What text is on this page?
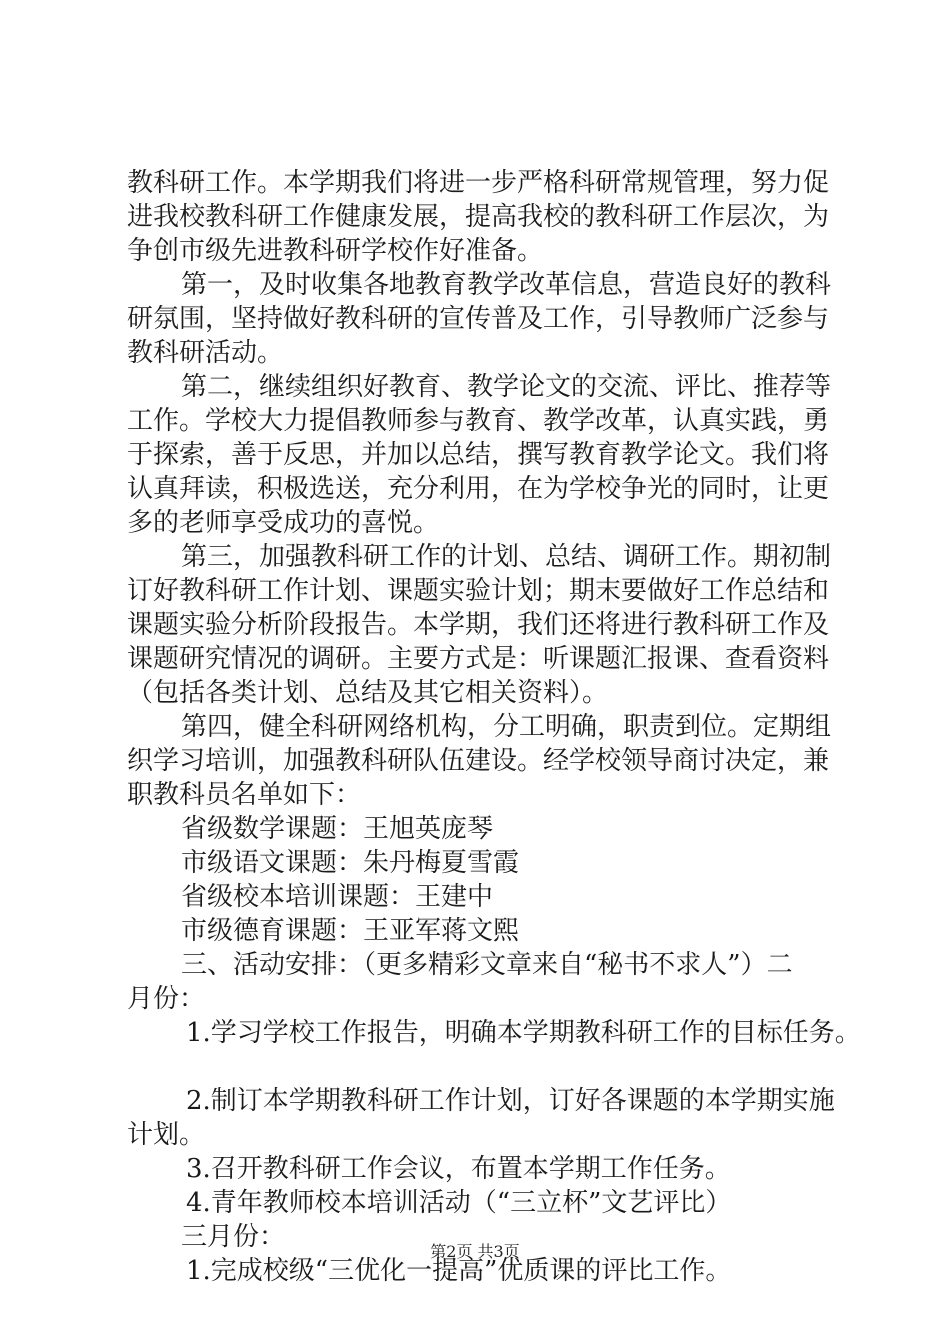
教科研工作。本学期我们将进一步严格科研常规管理，努力促
进我校教科研工作健康发展，提高我校的教科研工作层次，为
争创市级先进教科研学校作好准备。
第一，及时收集各地教育教学改革信息，营造良好的教科
研氛围，坚持做好教科研的宣传普及工作，引导教师广泛参与
教科研活动。
第二，继续组织好教育、教学论文的交流、评比、推荐等
工作。学校大力提倡教师参与教育、教学改革，认真实践，勇
于探索，善于反思，并加以总结，撰写教育教学论文。我们将
认真拜读，积极选送，充分利用，在为学校争光的同时，让更
多的老师享受成功的喜悦。
第三，加强教科研工作的计划、总结、调研工作。期初制
订好教科研工作计划、课题实验计划；期末要做好工作总结和
课题实验分析阶段报告。本学期，我们还将进行教科研工作及
课题研究情况的调研。主要方式是：听课题汇报课、查看资料
（包括各类计划、总结及其它相关资料）。
第四，健全科研网络机构，分工明确，职责到位。定期组
织学习培训，加强教科研队伍建设。经学校领导商讨决定，兼
职教科员名单如下：
省级数学课题：王旭英庞琴
市级语文课题：朱丹梅夏雪霞
省级校本培训课题：王建中
市级德育课题：王亚军蒋文熙
三、活动安排：（更多精彩文章来自“秘书不求人”）二
月份：
1.学习学校工作报告，明确本学期教科研工作的目标任务。
2.制订本学期教科研工作计划，订好各课题的本学期实施
计划。
3.召开教科研工作会议，布置本学期工作任务。
4.青年教师校本培训活动（“三立杯”文艺评比）
三月份：
1.完成校级“三优化一提高”优质课的评比工作。
第2页 共3页
